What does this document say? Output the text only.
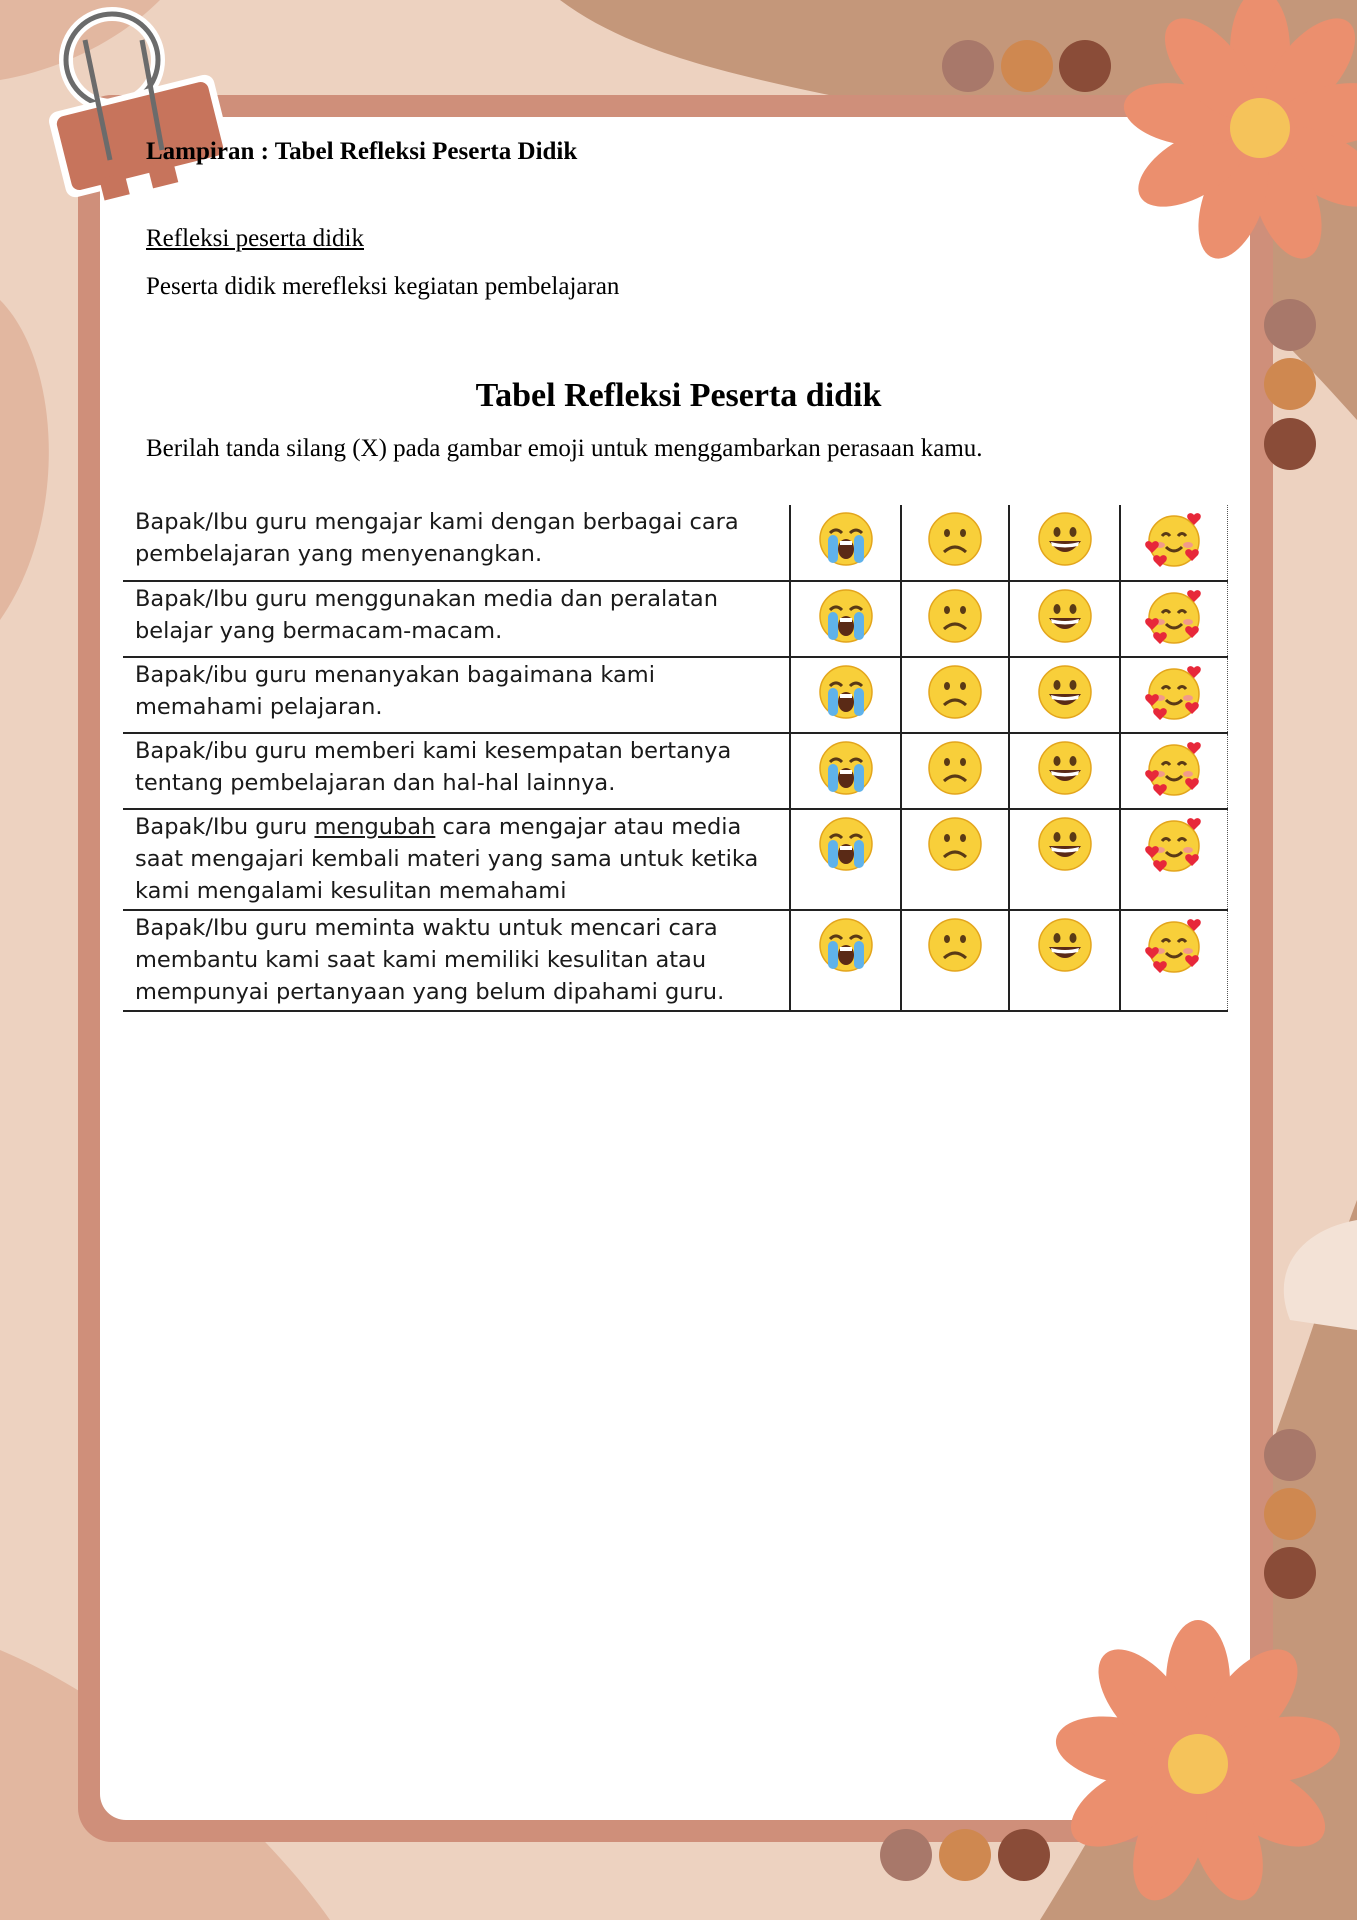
Lampiran : Tabel Refleksi Peserta Didik

Refleksi peserta didik

Peserta didik merefleksi kegiatan pembelajaran

Tabel Refleksi Peserta didik

Berilah tanda silang (X) pada gambar emoji untuk menggambarkan perasaan kamu.

Bapak/Ibu guru mengajar kami dengan berbagai cara
pembelajaran yang menyenangkan.

Bapak/Ibu guru menggunakan media dan peralatan
belajar yang bermacam-macam.

Bapak/ibu guru menanyakan bagaimana kami
memahami pelajaran.

Bapak/ibu guru memberi kami kesempatan bertanya
tentang pembelajaran dan hal-hal lainnya.

Bapak/Ibu guru mengubah cara mengajar atau media
saat mengajari kembali materi yang sama untuk ketika
kami mengalami kesulitan memahami

Bapak/Ibu guru meminta waktu untuk mencari cara
membantu kami saat kami memiliki kesulitan atau
mempunyai pertanyaan yang belum dipahami guru.
